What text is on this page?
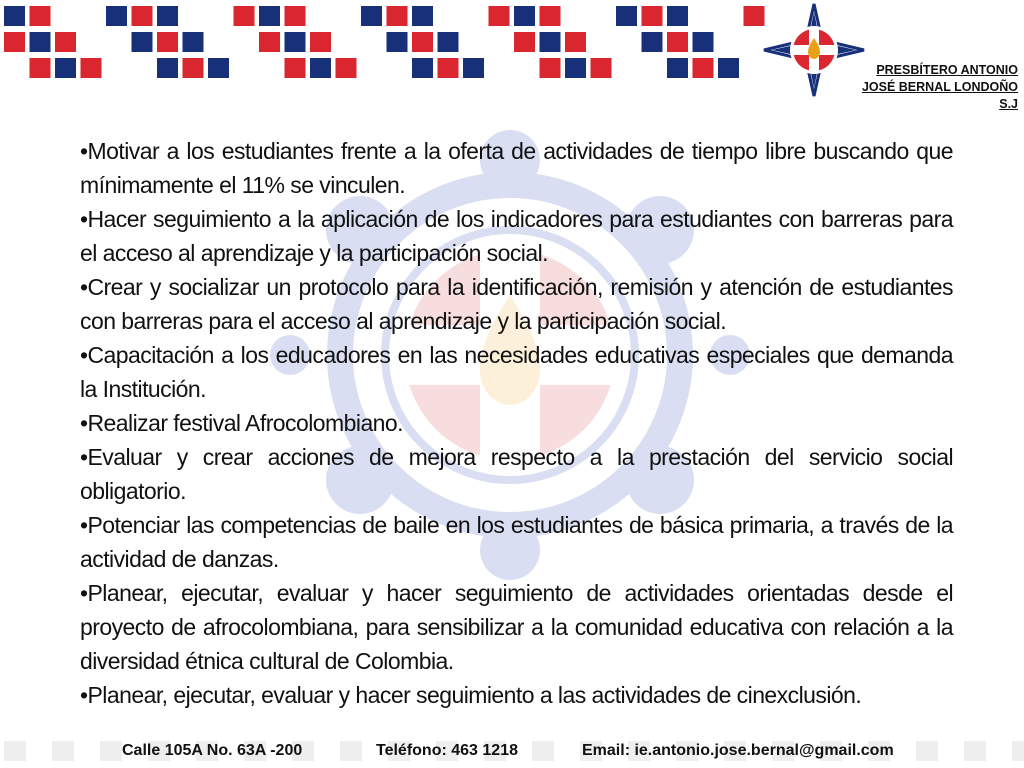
PRESBÍTERO ANTONIO
JOSÉ BERNAL LONDOÑO
S.J

•Motivar a los estudiantes frente a la oferta de actividades de tiempo libre buscando que mínimamente el 11% se vinculen.

•Hacer seguimiento a la aplicación de los indicadores para estudiantes con barreras para el acceso al aprendizaje y la participación social.

•Crear y socializar un protocolo para la identificación, remisión y atención de estudiantes con barreras para el acceso al aprendizaje y la participación social.

•Capacitación a los educadores en las necesidades educativas especiales que demanda la Institución.

•Realizar festival Afrocolombiano.

•Evaluar y crear acciones de mejora respecto a la prestación del servicio social obligatorio.

•Potenciar las competencias de baile en los estudiantes de básica primaria, a través de la actividad de danzas.

•Planear, ejecutar, evaluar y hacer seguimiento de actividades orientadas desde el proyecto de afrocolombiana, para sensibilizar a la comunidad educativa con relación a la diversidad étnica cultural de Colombia.

•Planear, ejecutar, evaluar y hacer seguimiento a las actividades de cinexclusión.

Calle 105A No. 63A -200	Teléfono: 463 1218	Email: ie.antonio.jose.bernal@gmail.com
